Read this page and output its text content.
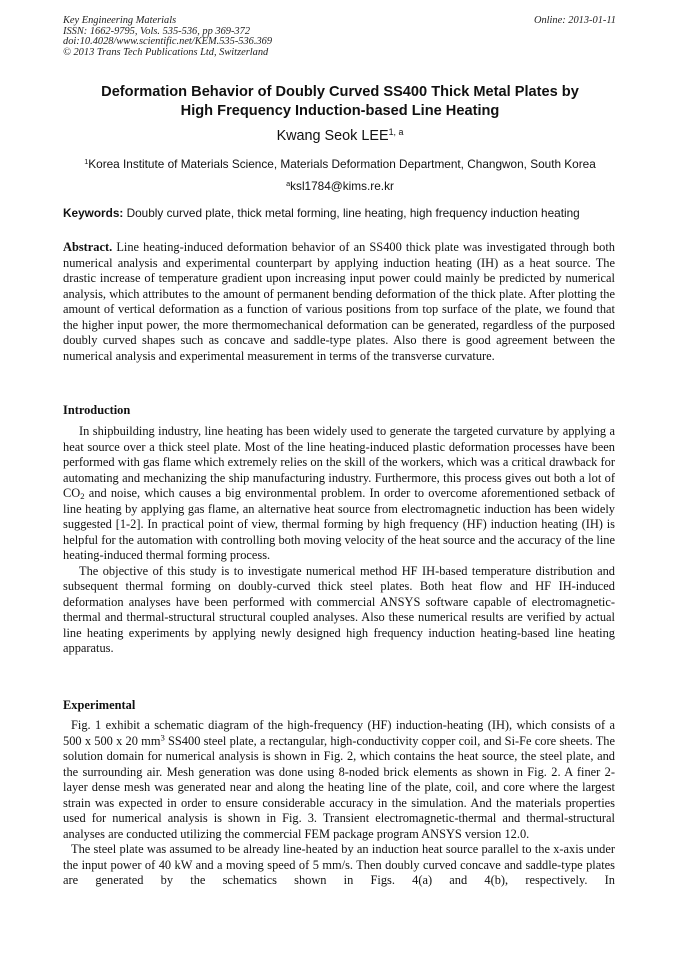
Key Engineering Materials
ISSN: 1662-9795, Vols. 535-536, pp 369-372
doi:10.4028/www.scientific.net/KEM.535-536.369
© 2013 Trans Tech Publications Ltd, Switzerland
Online: 2013-01-11
Deformation Behavior of Doubly Curved SS400 Thick Metal Plates by
High Frequency Induction-based Line Heating
Kwang Seok LEE$^{1, a}$
$^1$Korea Institute of Materials Science, Materials Deformation Department, Changwon, South Korea
$^a$ksl1784@kims.re.kr
Keywords: Doubly curved plate, thick metal forming, line heating, high frequency induction heating
Abstract. Line heating-induced deformation behavior of an SS400 thick plate was investigated through both numerical analysis and experimental counterpart by applying induction heating (IH) as a heat source. The drastic increase of temperature gradient upon increasing input power could mainly be predicted by numerical analysis, which attributes to the amount of permanent bending deformation of the thick plate. After plotting the amount of vertical deformation as a function of various positions from top surface of the plate, we found that the higher input power, the more thermomechanical deformation can be generated, regardless of the purposed doubly curved shapes such as concave and saddle-type plates. Also there is good agreement between the numerical analysis and experimental measurement in terms of the transverse curvature.
Introduction

In shipbuilding industry, line heating has been widely used to generate the targeted curvature by applying a heat source over a thick steel plate. Most of the line heating-induced plastic deformation processes have been performed with gas flame which extremely relies on the skill of the workers, which was a critical drawback for automating and mechanizing the ship manufacturing industry. Furthermore, this process gives out both a lot of $CO_2$ and noise, which causes a big environmental problem. In order to overcome aforementioned setback of line heating by applying gas flame, an alternative heat source from electromagnetic induction has been widely suggested [1-2]. In practical point of view, thermal forming by high frequency (HF) induction heating (IH) is helpful for the automation with controlling both moving velocity of the heat source and the accuracy of the line heating-induced thermal forming process.

The objective of this study is to investigate numerical method HF IH-based temperature distribution and subsequent thermal forming on doubly-curved thick steel plates. Both heat flow and HF IH-induced deformation analyses have been performed with commercial ANSYS software capable of electromagnetic-thermal and thermal-structural structural coupled analyses. Also these numerical results are verified by actual line heating experiments by applying newly designed high frequency induction heating-based line heating apparatus.

Experimental

Fig. 1 exhibit a schematic diagram of the high-frequency (HF) induction-heating (IH), which consists of a 500 x 500 x 20 $mm^3$ SS400 steel plate, a rectangular, high-conductivity copper coil, and Si-Fe core sheets. The solution domain for numerical analysis is shown in Fig. 2, which contains the heat source, the steel plate, and the surrounding air. Mesh generation was done using 8-noded brick elements as shown in Fig. 2. A finer 2-layer dense mesh was generated near and along the heating line of the plate, coil, and core where the largest strain was expected in order to ensure considerable accuracy in the simulation. And the materials properties used for numerical analysis is shown in Fig. 3. Transient electromagnetic-thermal and thermal-structural analyses are conducted utilizing the commercial FEM package program ANSYS version 12.0.

The steel plate was assumed to be already line-heated by an induction heat source parallel to the x-axis under the input power of 40 kW and a moving speed of 5 mm/s. Then doubly curved concave and saddle-type plates are generated by the schematics shown in Figs. 4(a) and 4(b), respectively. In
